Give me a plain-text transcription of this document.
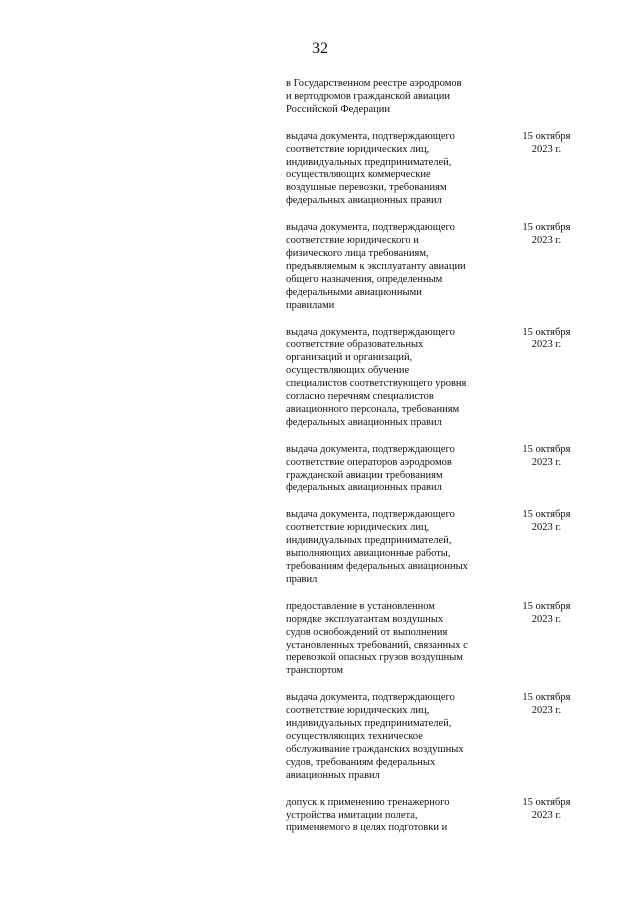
32
в Государственном реестре аэродромов
и вертодромов гражданской авиации
Российской Федерации
выдача документа, подтверждающего
соответствие юридических лиц,
индивидуальных предпринимателей,
осуществляющих коммерческие
воздушные перевозки, требованиям
федеральных авиационных правил
15 октября
2023 г.
выдача документа, подтверждающего
соответствие юридического и
физического лица требованиям,
предъявляемым к эксплуатанту авиации
общего назначения, определенным
федеральными авиационными
правилами
15 октября
2023 г.
выдача документа, подтверждающего
соответствие образовательных
организаций и организаций,
осуществляющих обучение
специалистов соответствующего уровня
согласно перечням специалистов
авиационного персонала, требованиям
федеральных авиационных правил
15 октября
2023 г.
выдача документа, подтверждающего
соответствие операторов аэродромов
гражданской авиации требованиям
федеральных авиационных правил
15 октября
2023 г.
выдача документа, подтверждающего
соответствие юридических лиц,
индивидуальных предпринимателей,
выполняющих авиационные работы,
требованиям федеральных авиационных
правил
15 октября
2023 г.
предоставление в установленном
порядке эксплуатантам воздушных
судов освобождений от выполнения
установленных требований, связанных с
перевозкой опасных грузов воздушным
транспортом
15 октября
2023 г.
выдача документа, подтверждающего
соответствие юридических лиц,
индивидуальных предпринимателей,
осуществляющих техническое
обслуживание гражданских воздушных
судов, требованиям федеральных
авиационных правил
15 октября
2023 г.
допуск к применению тренажерного
устройства имитации полета,
применяемого в целях подготовки и
15 октября
2023 г.
